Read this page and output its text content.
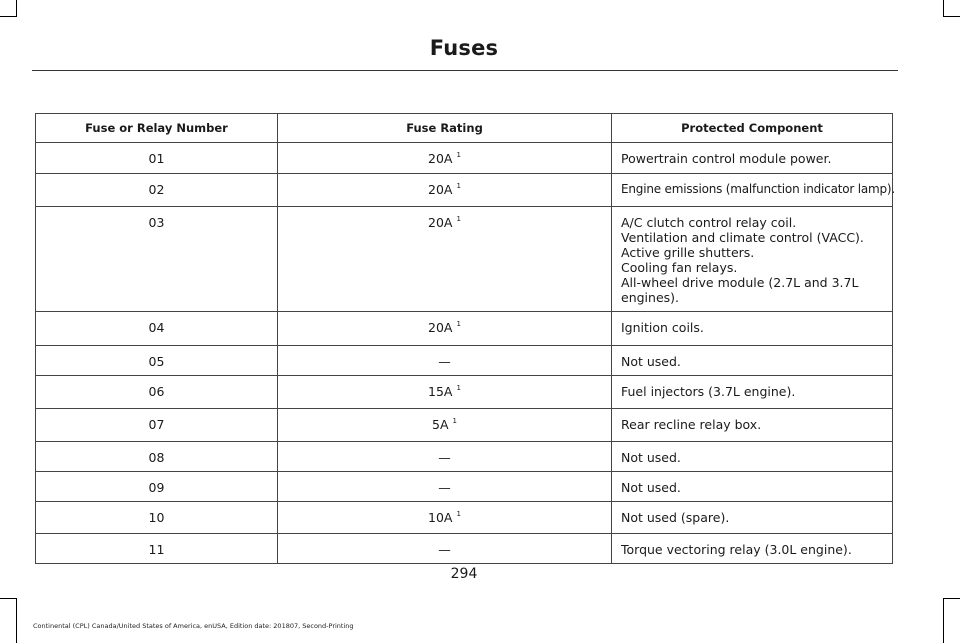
Fuses
Fuse or Relay Number	Fuse Rating	Protected Component
01	20A $^1$	Powertrain control module power.

02	20A $^1$	Engine emissions (malfunction indicator lamp).

03	20A $^1$	A/C clutch control relay coil.
Ventilation and climate control (VACC).
Active grille shutters.
Cooling fan relays.
All-wheel drive module (2.7L and 3.7L engines).

04	20A $^1$	Ignition coils.

05	—	Not used.

06	15A $^1$	Fuel injectors (3.7L engine).

07	5A $^1$	Rear recline relay box.

08	—	Not used.

09	—	Not used.

10	10A $^1$	Not used (spare).

11	—	Torque vectoring relay (3.0L engine).
294
Continental (CPL) Canada/United States of America, enUSA, Edition date: 201807, Second-Printing
